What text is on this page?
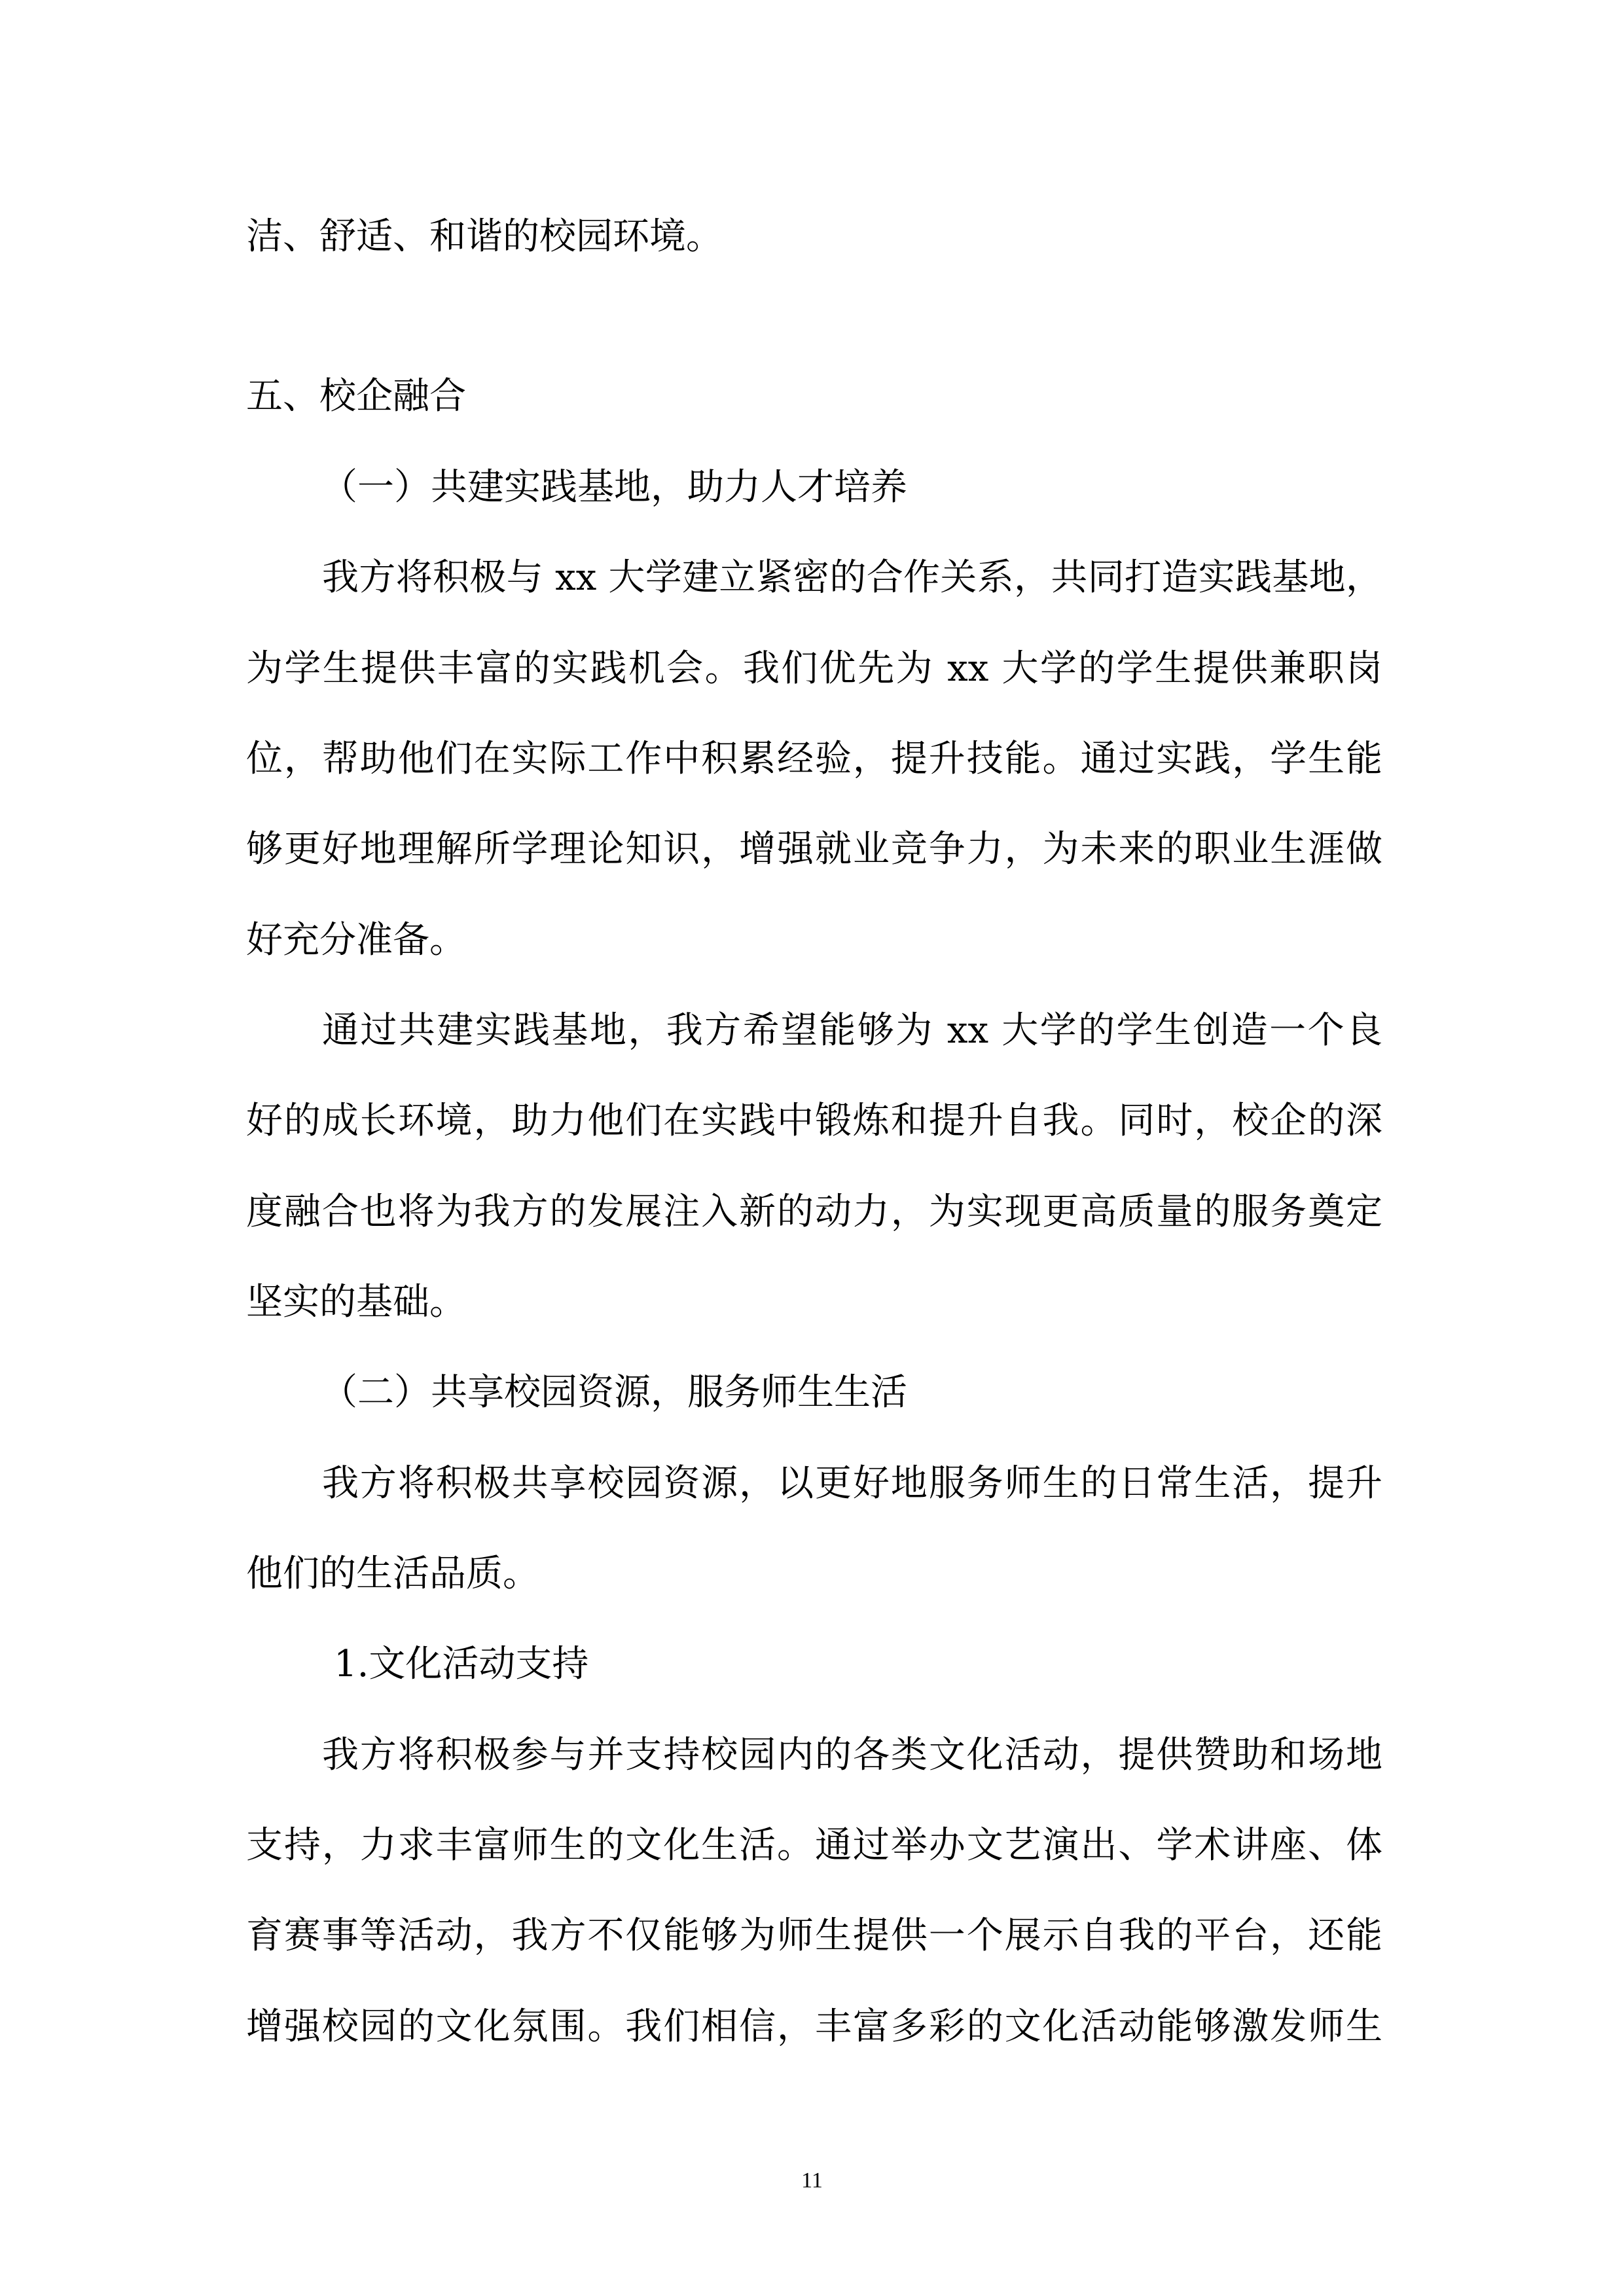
洁、舒适、和谐的校园环境。

五、校企融合

（一）共建实践基地，助力人才培养

我方将积极与 xx 大学建立紧密的合作关系，共同打造实践基地，

为学生提供丰富的实践机会。我们优先为 xx 大学的学生提供兼职岗

位，帮助他们在实际工作中积累经验，提升技能。通过实践，学生能

够更好地理解所学理论知识，增强就业竞争力，为未来的职业生涯做

好充分准备。

通过共建实践基地，我方希望能够为 xx 大学的学生创造一个良

好的成长环境，助力他们在实践中锻炼和提升自我。同时，校企的深

度融合也将为我方的发展注入新的动力，为实现更高质量的服务奠定

坚实的基础。

（二）共享校园资源，服务师生生活

我方将积极共享校园资源，以更好地服务师生的日常生活，提升

他们的生活品质。

1.文化活动支持

我方将积极参与并支持校园内的各类文化活动，提供赞助和场地

支持，力求丰富师生的文化生活。通过举办文艺演出、学术讲座、体

育赛事等活动，我方不仅能够为师生提供一个展示自我的平台，还能

增强校园的文化氛围。我们相信，丰富多彩的文化活动能够激发师生

11
